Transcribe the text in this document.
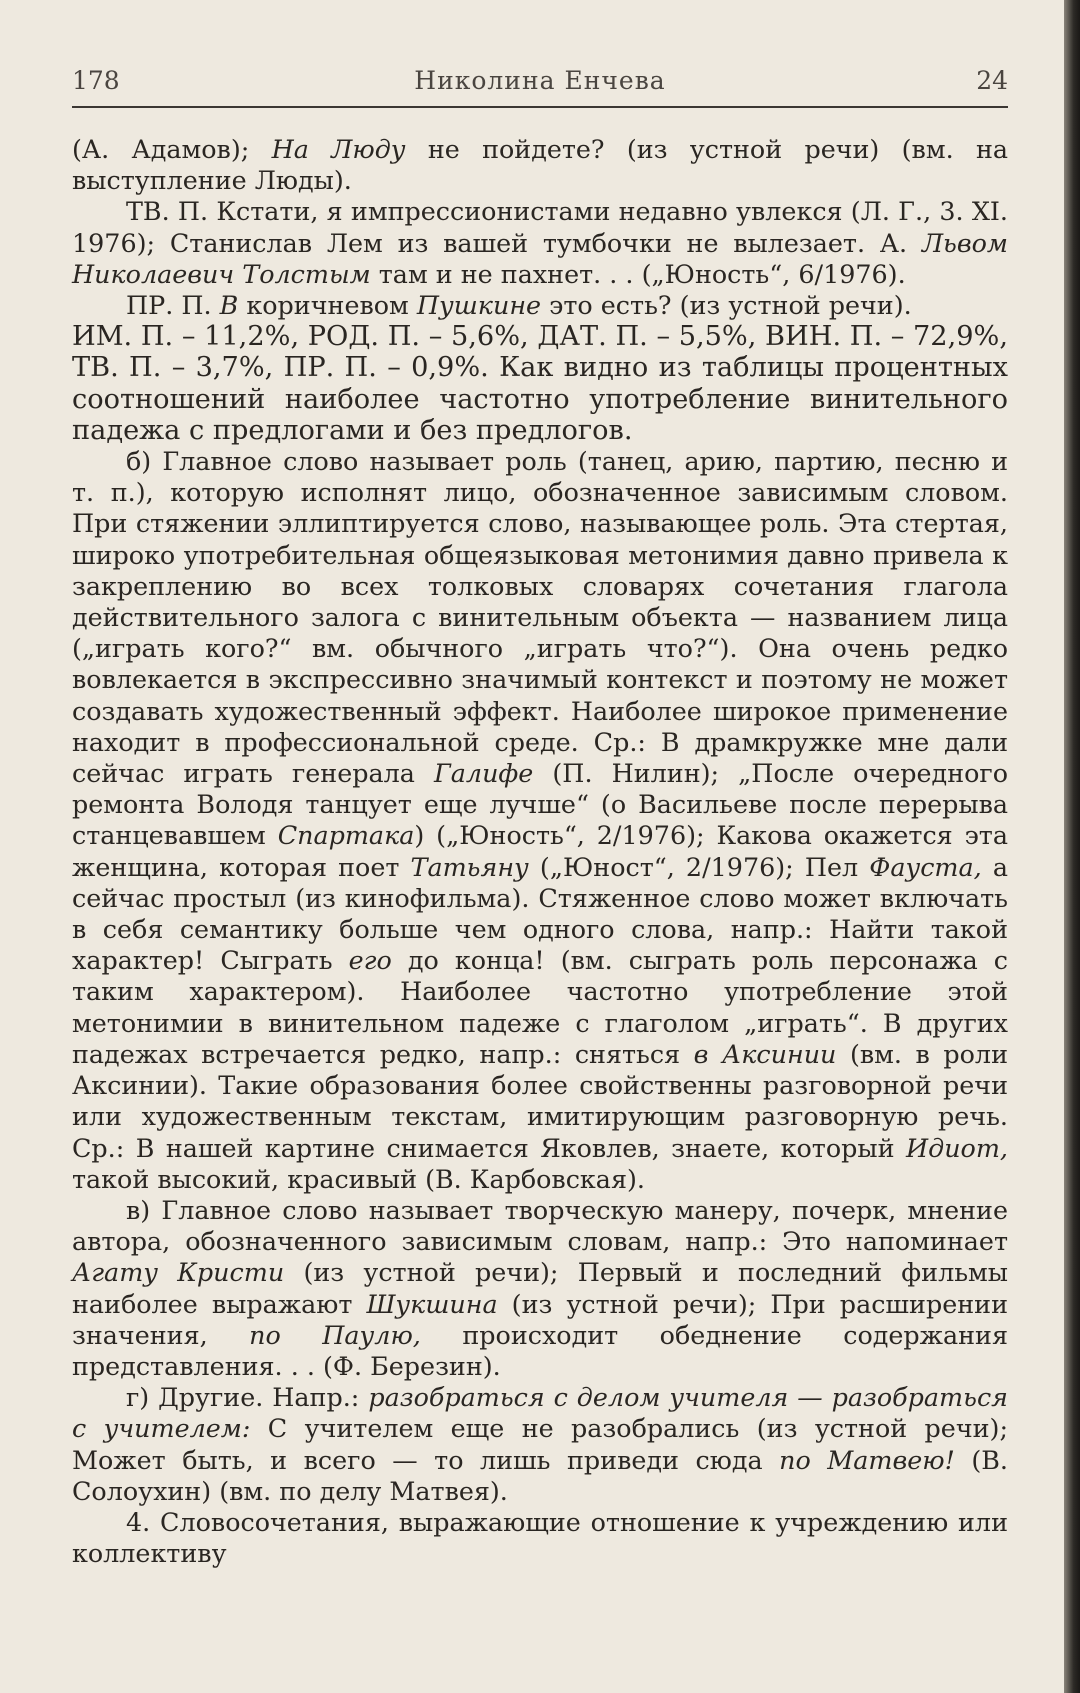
178	Николина Енчева	24

(А. Адамов); На Люду не пойдете? (из устной речи) (вм. на выступление Люды).

ТВ. П. Кстати, я импрессионистами недавно увлекся (Л. Г., 3. XI. 1976); Станислав Лем из вашей тумбочки не вылезает. А. Львом Николаевич Толстым там и не пахнет. . . („Юность“, 6/1976).

ПР. П. В коричневом Пушкине это есть? (из устной речи).

ИМ. П. – 11,2%, РОД. П. – 5,6%, ДАТ. П. – 5,5%, ВИН. П. – 72,9%, ТВ. П. – 3,7%, ПР. П. – 0,9%. Как видно из таблицы процентных соотношений наиболее частотно употребление винительного падежа с предлогами и без предлогов.

б) Главное слово называет роль (танец, арию, партию, песню и т. п.), которую исполнят лицо, обозначенное зависимым словом. При стяжении эллиптируется слово, называющее роль. Эта стертая, широко употребительная общеязыковая метонимия давно привела к закреплению во всех толковых словарях сочетания глагола действительного залога с винительным объекта — названием лица („играть кого?“ вм. обычного „играть что?“). Она очень редко вовлекается в экспрессивно значимый контекст и поэтому не может создавать художественный эффект. Наиболее широкое применение находит в профессиональной среде. Ср.: В драмкружке мне дали сейчас играть генерала Галифе (П. Нилин); „После очередного ремонта Володя танцует еще лучше“ (о Васильеве после перерыва станцевавшем Спартака) („Юность“, 2/1976); Какова окажется эта женщина, которая поет Татьяну („Юност“, 2/1976); Пел Фауста, а сейчас простыл (из кинофильма). Стяженное слово может включать в себя семантику больше чем одного слова, напр.: Найти такой характер! Сыграть его до конца! (вм. сыграть роль персонажа с таким характером). Наиболее частотно употребление этой метонимии в винительном падеже с глаголом „играть“. В других падежах встречается редко, напр.: сняться в Аксинии (вм. в роли Аксинии). Такие образования более свойственны разговорной речи или художественным текстам, имитирующим разговорную речь. Ср.: В нашей картине снимается Яковлев, знаете, который Идиот, такой высокий, красивый (В. Карбовская).

в) Главное слово называет творческую манеру, почерк, мнение автора, обозначенного зависимым словам, напр.: Это напоминает Агату Кристи (из устной речи); Первый и последний фильмы наиболее выражают Шукшина (из устной речи); При расширении значения, по Паулю, происходит обеднение содержания представления. . . (Ф. Березин).

г) Другие. Напр.: разобраться с делом учителя — разобраться с учителем: С учителем еще не разобрались (из устной речи); Может быть, и всего — то лишь приведи сюда по Матвею! (В. Солоухин) (вм. по делу Матвея).

4. Словосочетания, выражающие отношение к учреждению или коллективу
